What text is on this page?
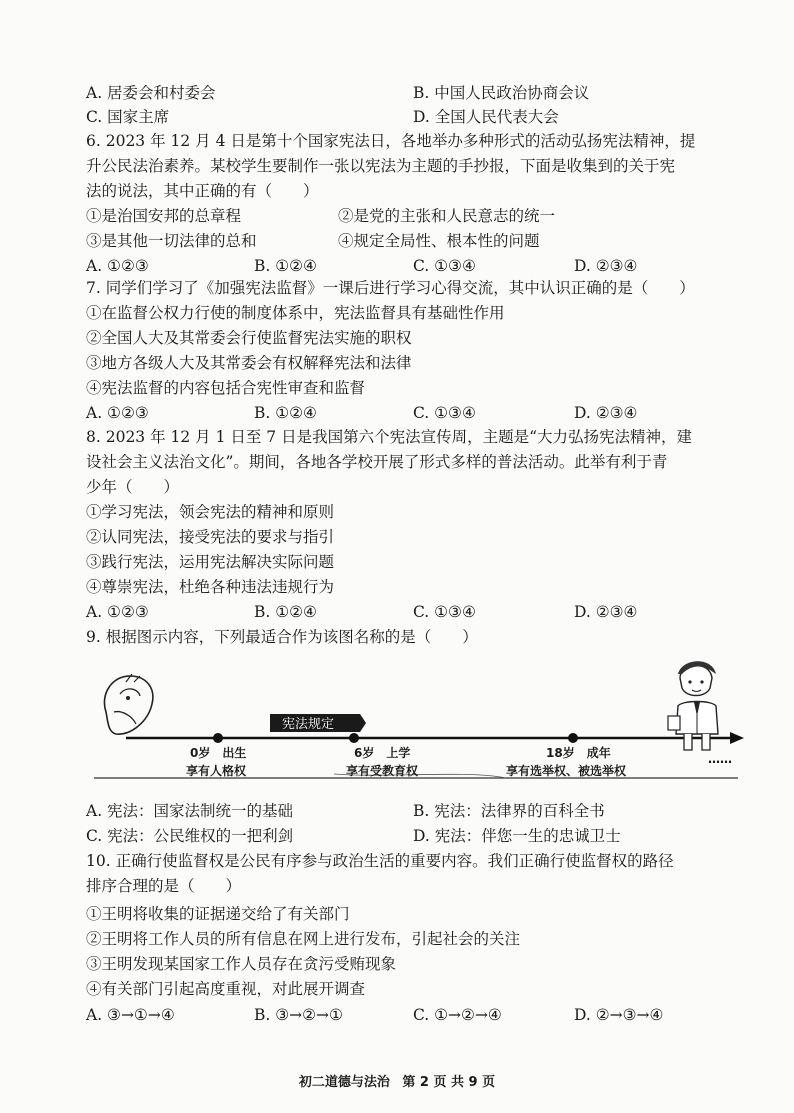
A. 居委会和村委会	B. 中国人民政治协商会议
C. 国家主席	D. 全国人民代表大会
6. 2023 年 12 月 4 日是第十个国家宪法日，各地举办多种形式的活动弘扬宪法精神，提
升公民法治素养。某校学生要制作一张以宪法为主题的手抄报，下面是收集到的关于宪
法的说法，其中正确的有（　　）
①是治国安邦的总章程	②是党的主张和人民意志的统一
③是其他一切法律的总和	④规定全局性、根本性的问题
A. ①②③	B. ①②④	C. ①③④	D. ②③④
7. 同学们学习了《加强宪法监督》一课后进行学习心得交流，其中认识正确的是（　　）
①在监督公权力行使的制度体系中，宪法监督具有基础性作用
②全国人大及其常委会行使监督宪法实施的职权
③地方各级人大及其常委会有权解释宪法和法律
④宪法监督的内容包括合宪性审查和监督
A. ①②③	B. ①②④	C. ①③④	D. ②③④
8. 2023 年 12 月 1 日至 7 日是我国第六个宪法宣传周，主题是“大力弘扬宪法精神，建
设社会主义法治文化”。期间，各地各学校开展了形式多样的普法活动。此举有利于青
少年（　　）
①学习宪法，领会宪法的精神和原则
②认同宪法，接受宪法的要求与指引
③践行宪法，运用宪法解决实际问题
④尊崇宪法，杜绝各种违法违规行为
A. ①②③	B. ①②④	C. ①③④	D. ②③④
9. 根据图示内容，下列最适合作为该图名称的是（　　）
宪法规定
0岁　出生
享有人格权
6岁　上学
享有受教育权
18岁　成年
享有选举权、被选举权
……
A. 宪法：国家法制统一的基础	B. 宪法：法律界的百科全书
C. 宪法：公民维权的一把利剑	D. 宪法：伴您一生的忠诚卫士
10. 正确行使监督权是公民有序参与政治生活的重要内容。我们正确行使监督权的路径
排序合理的是（　　）
①王明将收集的证据递交给了有关部门
②王明将工作人员的所有信息在网上进行发布，引起社会的关注
③王明发现某国家工作人员存在贪污受贿现象
④有关部门引起高度重视，对此展开调查
A. ③→①→④	B. ③→②→①	C. ①→②→④	D. ②→③→④
初二道德与法治 第 2 页 共 9 页
